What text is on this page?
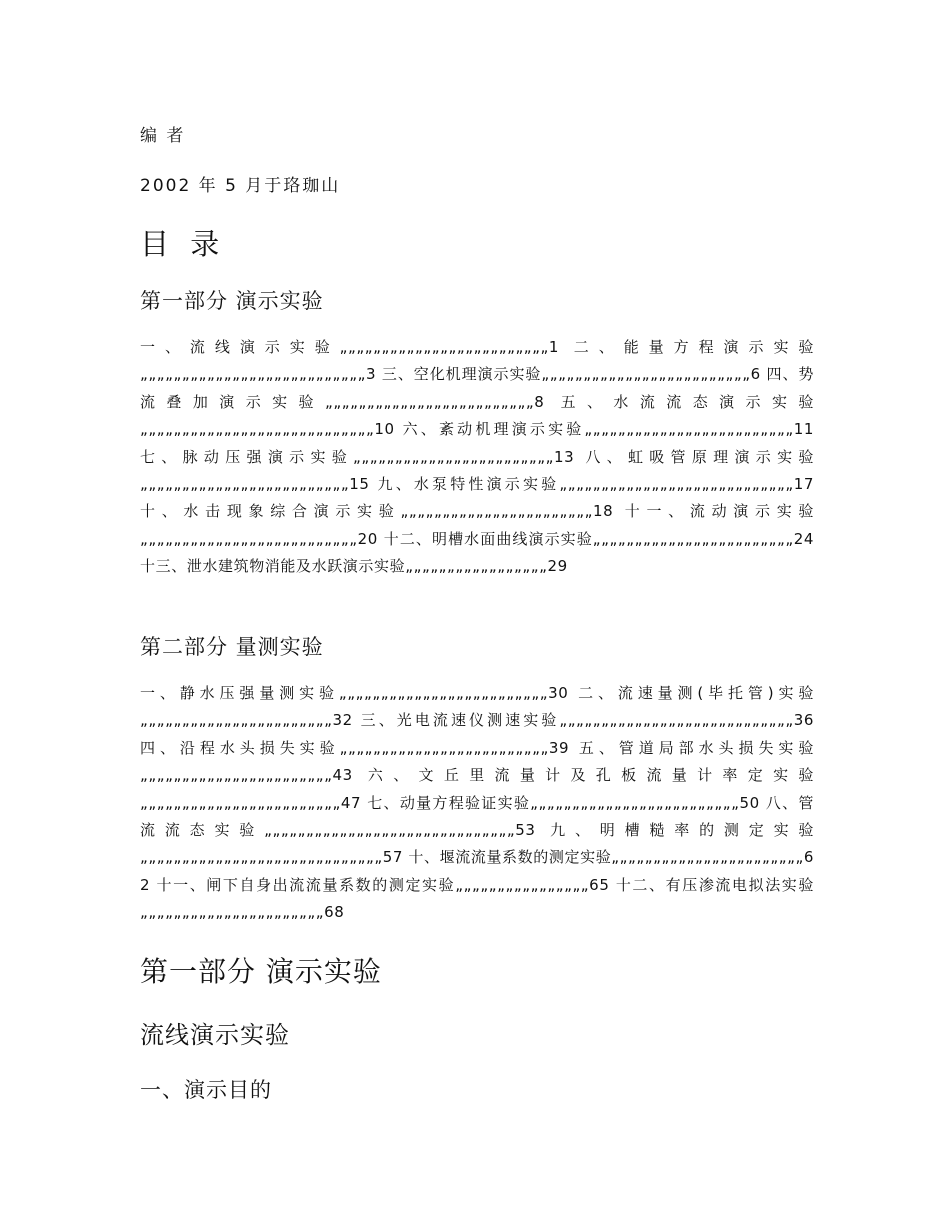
编 者

2002 年 5 月于珞珈山

目 录

第一部分 演示实验

一、流线演示实验„„„„„„„„„„„„„„„„„„„„„„„„„1 二、能量方程演示实验„„„„„„„„„„„„„„„„„„„„„„„„„„„3 三、空化机理演示实验„„„„„„„„„„„„„„„„„„„„„„„„„6 四、势流叠加演示实验„„„„„„„„„„„„„„„„„„„„„„„„„8 五、水流流态演示实验„„„„„„„„„„„„„„„„„„„„„„„„„„„„10 六、紊动机理演示实验„„„„„„„„„„„„„„„„„„„„„„„„„11 七、脉动压强演示实验„„„„„„„„„„„„„„„„„„„„„„„„13 八、虹吸管原理演示实验„„„„„„„„„„„„„„„„„„„„„„„„„15 九、水泵特性演示实验„„„„„„„„„„„„„„„„„„„„„„„„„„„„17 十、水击现象综合演示实验„„„„„„„„„„„„„„„„„„„„„„„18 十一、流动演示实验„„„„„„„„„„„„„„„„„„„„„„„„„„20 十二、明槽水面曲线演示实验„„„„„„„„„„„„„„„„„„„„„„„„24 十三、泄水建筑物消能及水跃演示实验„„„„„„„„„„„„„„„„„29

第二部分 量测实验

一、静水压强量测实验„„„„„„„„„„„„„„„„„„„„„„„„„30 二、流速量测(毕托管)实验„„„„„„„„„„„„„„„„„„„„„„„32 三、光电流速仪测速实验„„„„„„„„„„„„„„„„„„„„„„„„„„„„36 四、沿程水头损失实验„„„„„„„„„„„„„„„„„„„„„„„„„39 五、管道局部水头损失实验„„„„„„„„„„„„„„„„„„„„„„„43 六、文丘里流量计及孔板流量计率定实验„„„„„„„„„„„„„„„„„„„„„„„„47 七、动量方程验证实验„„„„„„„„„„„„„„„„„„„„„„„„„50 八、管流流态实验„„„„„„„„„„„„„„„„„„„„„„„„„„„„„„53 九、明槽糙率的测定实验„„„„„„„„„„„„„„„„„„„„„„„„„„„„„57 十、堰流流量系数的测定实验„„„„„„„„„„„„„„„„„„„„„„„62 十一、闸下自身出流流量系数的测定实验„„„„„„„„„„„„„„„„65 十二、有压渗流电拟法实验„„„„„„„„„„„„„„„„„„„„„„68

第一部分 演示实验

流线演示实验

一、演示目的
